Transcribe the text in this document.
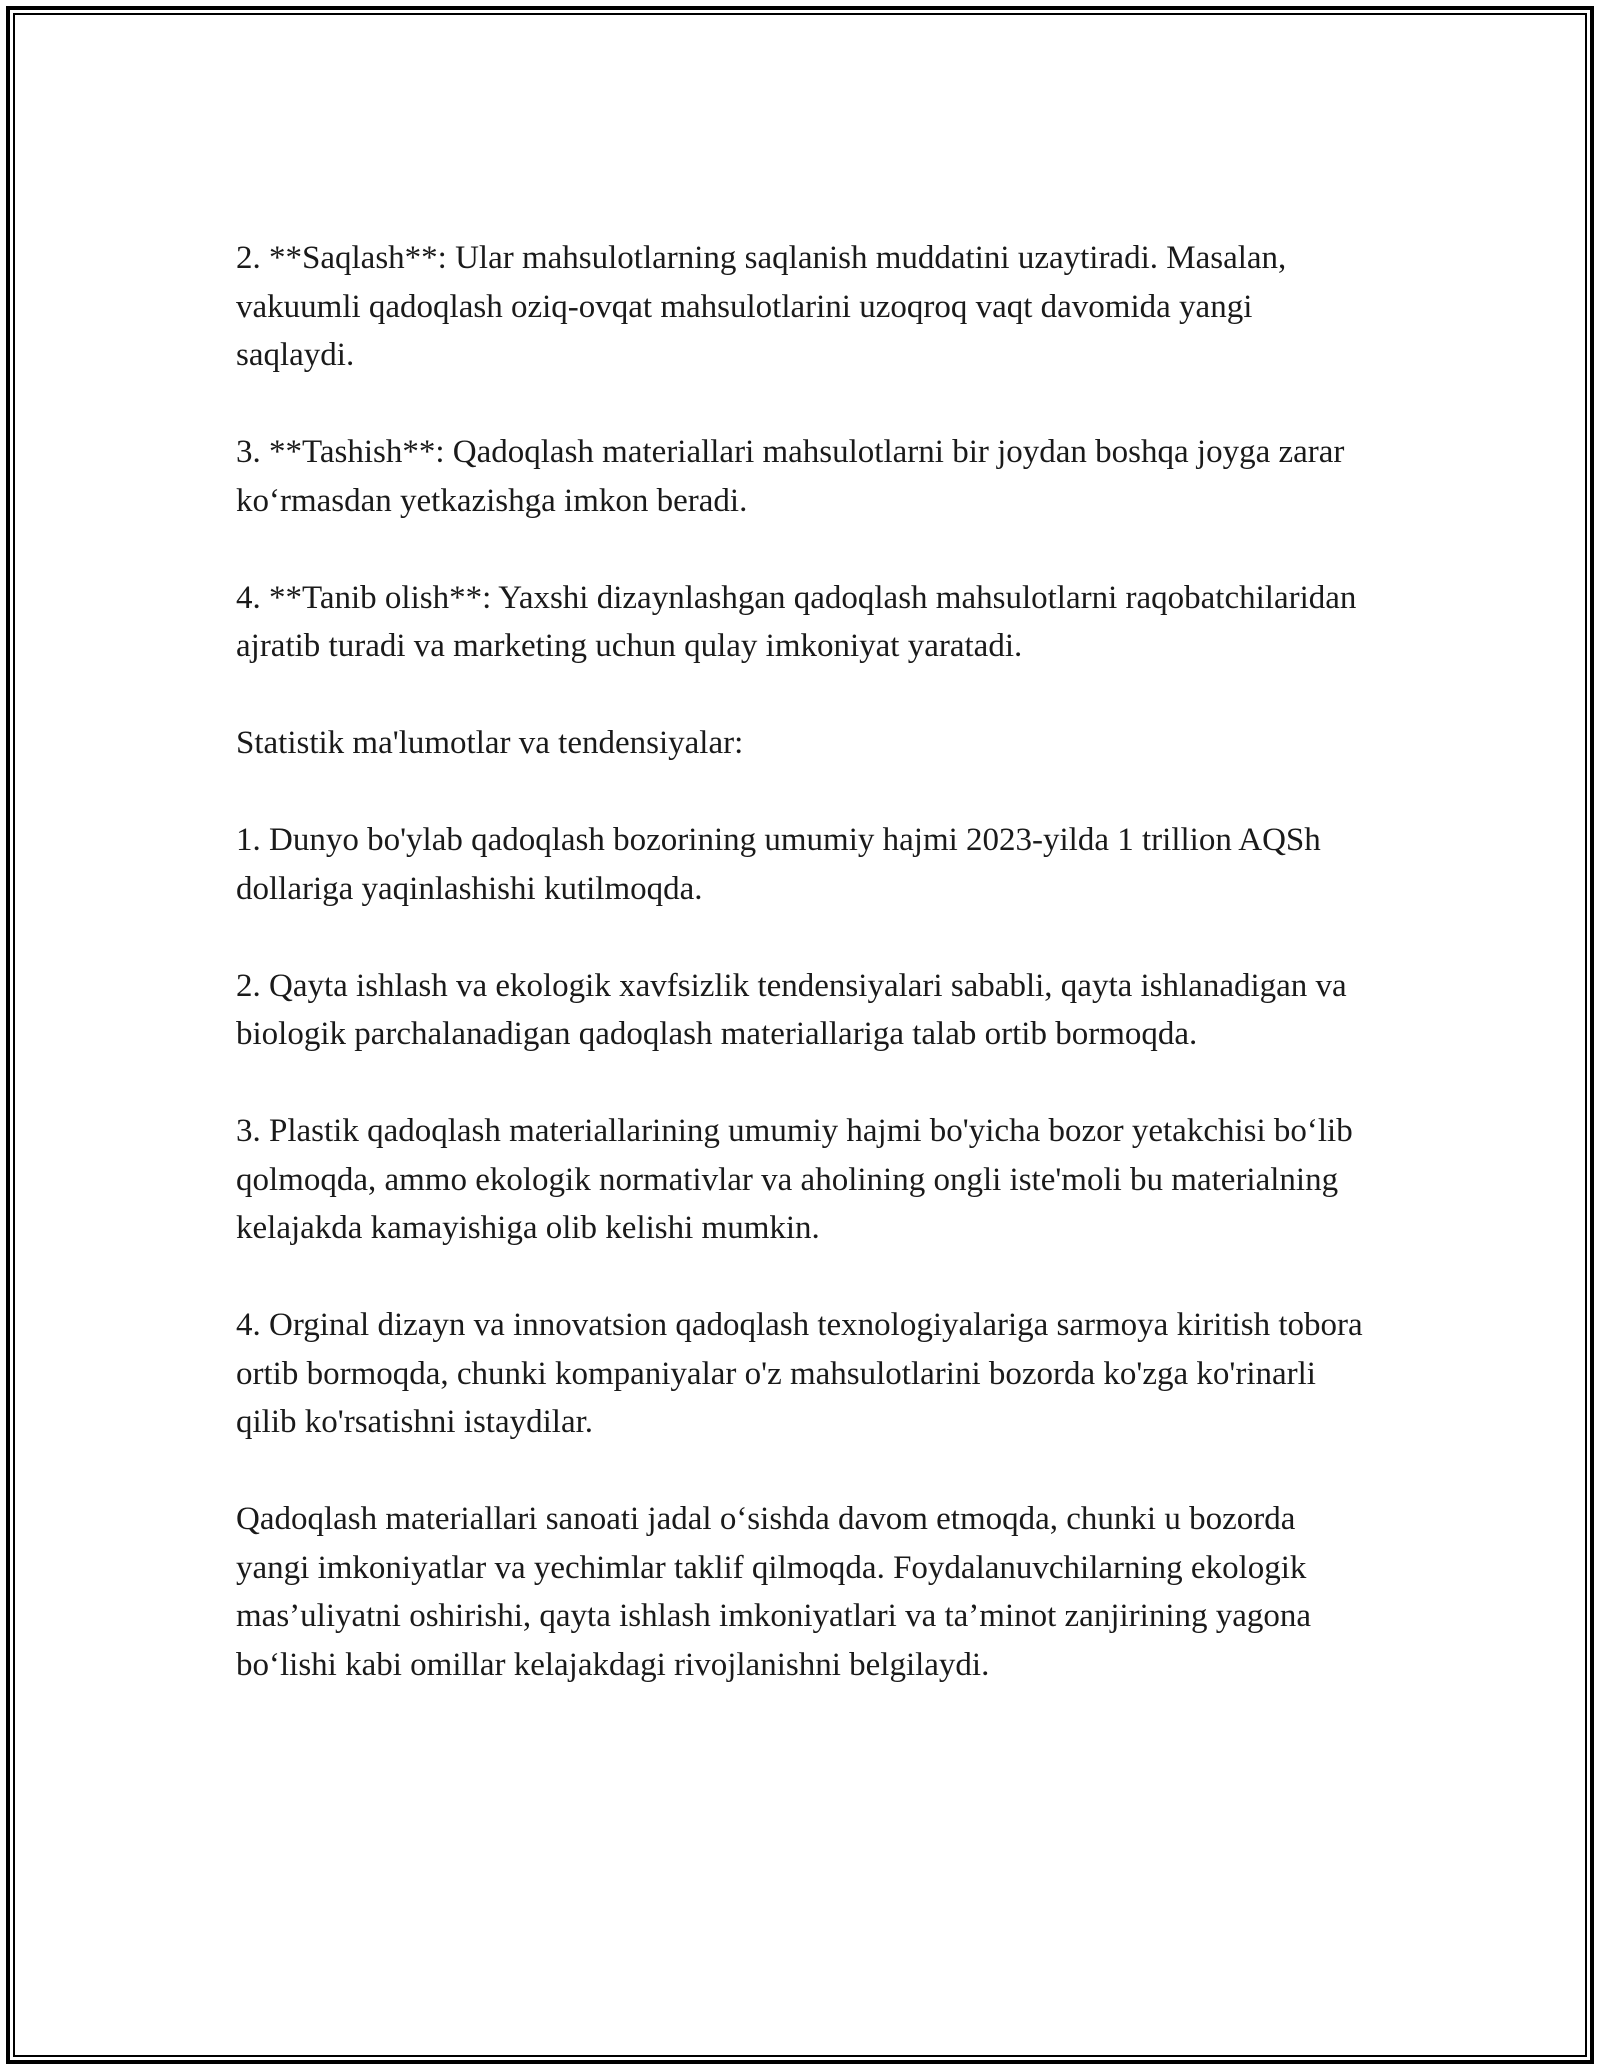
2. **Saqlash**: Ular mahsulotlarning saqlanish muddatini uzaytiradi. Masalan, vakuumli qadoqlash oziq-ovqat mahsulotlarini uzoqroq vaqt davomida yangi saqlaydi.

3. **Tashish**: Qadoqlash materiallari mahsulotlarni bir joydan boshqa joyga zarar koʻrmasdan yetkazishga imkon beradi.

4. **Tanib olish**: Yaxshi dizaynlashgan qadoqlash mahsulotlarni raqobatchilaridan ajratib turadi va marketing uchun qulay imkoniyat yaratadi.

Statistik ma'lumotlar va tendensiyalar:

1. Dunyo bo'ylab qadoqlash bozorining umumiy hajmi 2023-yilda 1 trillion AQSh dollariga yaqinlashishi kutilmoqda.

2. Qayta ishlash va ekologik xavfsizlik tendensiyalari sababli, qayta ishlanadigan va biologik parchalanadigan qadoqlash materiallariga talab ortib bormoqda.

3. Plastik qadoqlash materiallarining umumiy hajmi bo'yicha bozor yetakchisi boʻlib qolmoqda, ammo ekologik normativlar va aholining ongli iste'moli bu materialning kelajakda kamayishiga olib kelishi mumkin.

4. Orginal dizayn va innovatsion qadoqlash texnologiyalariga sarmoya kiritish tobora ortib bormoqda, chunki kompaniyalar o'z mahsulotlarini bozorda ko'zga ko'rinarli qilib ko'rsatishni istaydilar.

Qadoqlash materiallari sanoati jadal oʻsishda davom etmoqda, chunki u bozorda yangi imkoniyatlar va yechimlar taklif qilmoqda. Foydalanuvchilarning ekologik mas’uliyatni oshirishi, qayta ishlash imkoniyatlari va ta’minot zanjirining yagona boʻlishi kabi omillar kelajakdagi rivojlanishni belgilaydi.
